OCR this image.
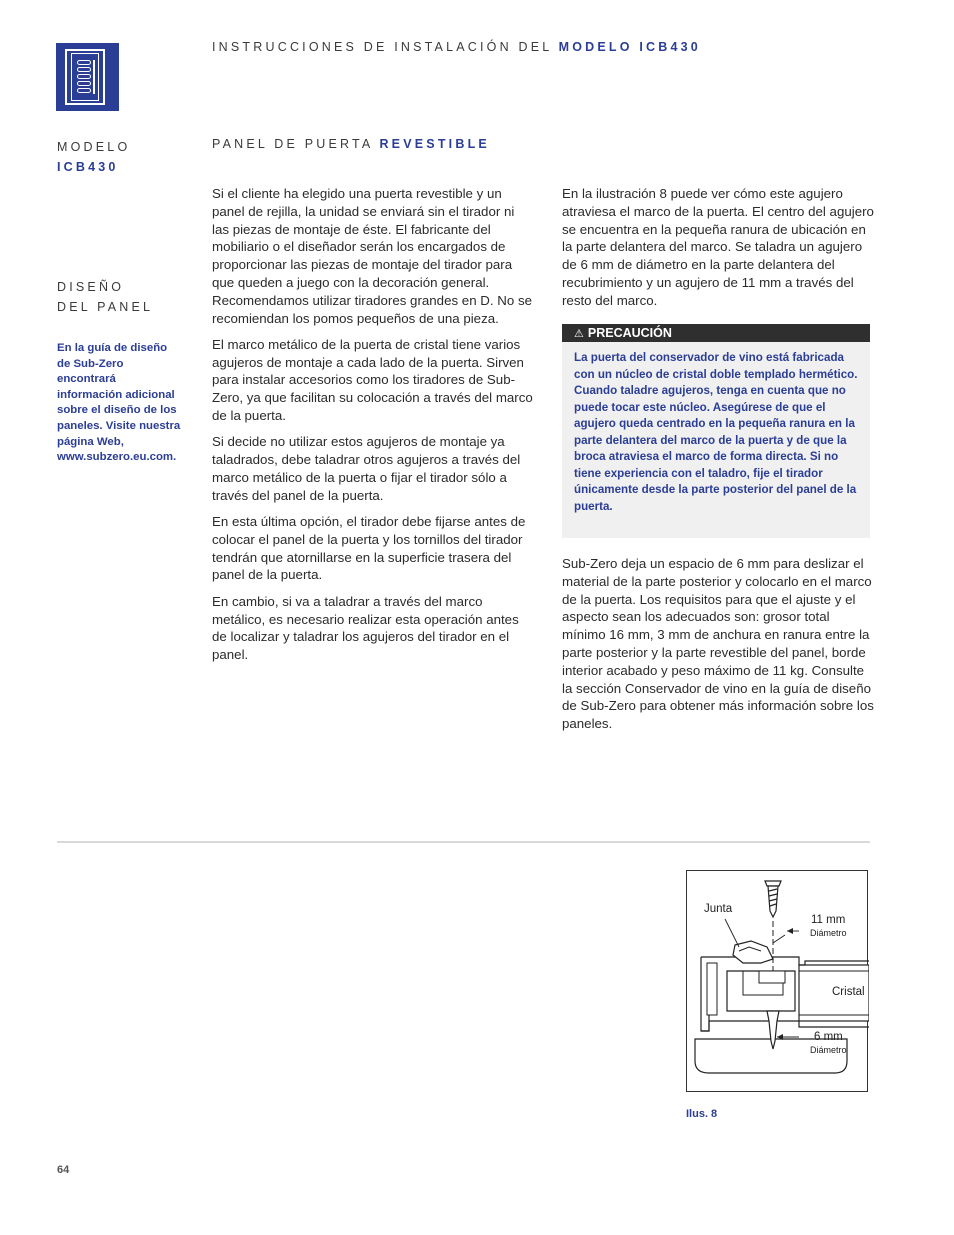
INSTRUCCIONES DE INSTALACIÓN DEL MODELO ICB430
MODELO
ICB430
DISEÑO
DEL PANEL
En la guía de diseño de Sub-Zero encontrará información adicional sobre el diseño de los paneles. Visite nuestra página Web, www.subzero.eu.com.
PANEL DE PUERTA REVESTIBLE

Si el cliente ha elegido una puerta revestible y un panel de rejilla, la unidad se enviará sin el tirador ni las piezas de montaje de éste. El fabricante del mobiliario o el diseñador serán los encargados de proporcionar las piezas de montaje del tirador para que queden a juego con la decoración general. Recomendamos utilizar tiradores grandes en D. No se recomiendan los pomos pequeños de una pieza.

El marco metálico de la puerta de cristal tiene varios agujeros de montaje a cada lado de la puerta. Sirven para instalar accesorios como los tiradores de Sub-Zero, ya que facilitan su colocación a través del marco de la puerta.

Si decide no utilizar estos agujeros de montaje ya taladrados, debe taladrar otros agujeros a través del marco metálico de la puerta o fijar el tirador sólo a través del panel de la puerta.

En esta última opción, el tirador debe fijarse antes de colocar el panel de la puerta y los tornillos del tirador tendrán que atornillarse en la superficie trasera del panel de la puerta.

En cambio, si va a taladrar a través del marco metálico, es necesario realizar esta operación antes de localizar y taladrar los agujeros del tirador en el panel.

En la ilustración 8 puede ver cómo este agujero atraviesa el marco de la puerta. El centro del agujero se encuentra en la pequeña ranura de ubicación en la parte delantera del marco. Se taladra un agujero de 6 mm de diámetro en la parte delantera del recubrimiento y un agujero de 11 mm a través del resto del marco.

⚠ PRECAUCIÓN
La puerta del conservador de vino está fabricada con un núcleo de cristal doble templado hermético. Cuando taladre agujeros, tenga en cuenta que no puede tocar este núcleo. Asegúrese de que el agujero queda centrado en la pequeña ranura en la parte delantera del marco de la puerta y de que la broca atraviesa el marco de forma directa. Si no tiene experiencia con el taladro, fije el tirador únicamente desde la parte posterior del panel de la puerta.

Sub-Zero deja un espacio de 6 mm para deslizar el material de la parte posterior y colocarlo en el marco de la puerta. Los requisitos para que el ajuste y el aspecto sean los adecuados son: grosor total mínimo 16 mm, 3 mm de anchura en ranura entre la parte posterior y la parte revestible del panel, borde interior acabado y peso máximo de 11 kg. Consulte la sección Conservador de vino en la guía de diseño de Sub-Zero para obtener más información sobre los paneles.

Junta
11 mm
Diámetro
Cristal
6 mm
Diámetro
Ilus. 8
64
